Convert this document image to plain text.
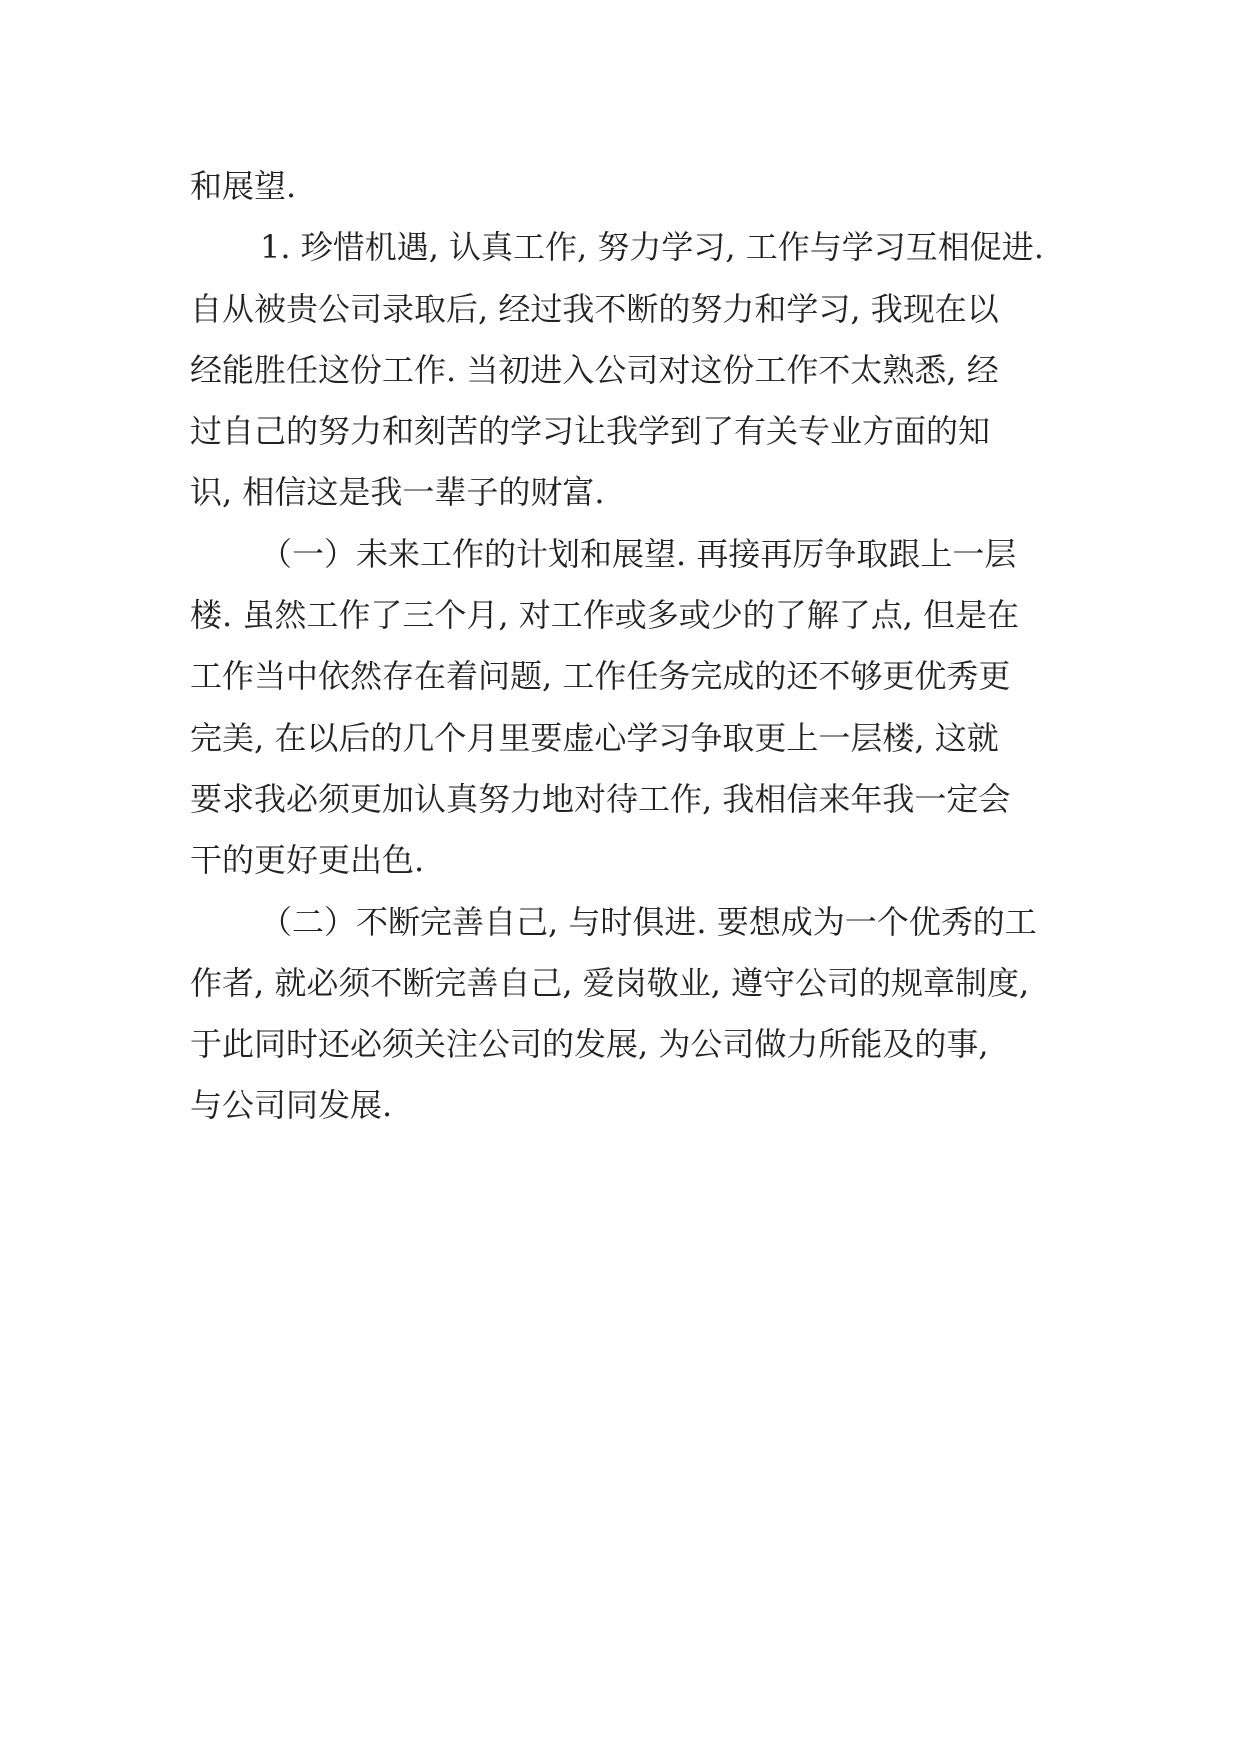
和展望.
1. 珍惜机遇, 认真工作, 努力学习, 工作与学习互相促进.
自从被贵公司录取后, 经过我不断的努力和学习, 我现在以
经能胜任这份工作. 当初进入公司对这份工作不太熟悉, 经
过自己的努力和刻苦的学习让我学到了有关专业方面的知
识, 相信这是我一辈子的财富.
（一）未来工作的计划和展望. 再接再厉争取跟上一层
楼. 虽然工作了三个月, 对工作或多或少的了解了点, 但是在
工作当中依然存在着问题, 工作任务完成的还不够更优秀更
完美, 在以后的几个月里要虚心学习争取更上一层楼, 这就
要求我必须更加认真努力地对待工作, 我相信来年我一定会
干的更好更出色.
（二）不断完善自己, 与时俱进. 要想成为一个优秀的工
作者, 就必须不断完善自己, 爱岗敬业, 遵守公司的规章制度,
于此同时还必须关注公司的发展, 为公司做力所能及的事,
与公司同发展.
